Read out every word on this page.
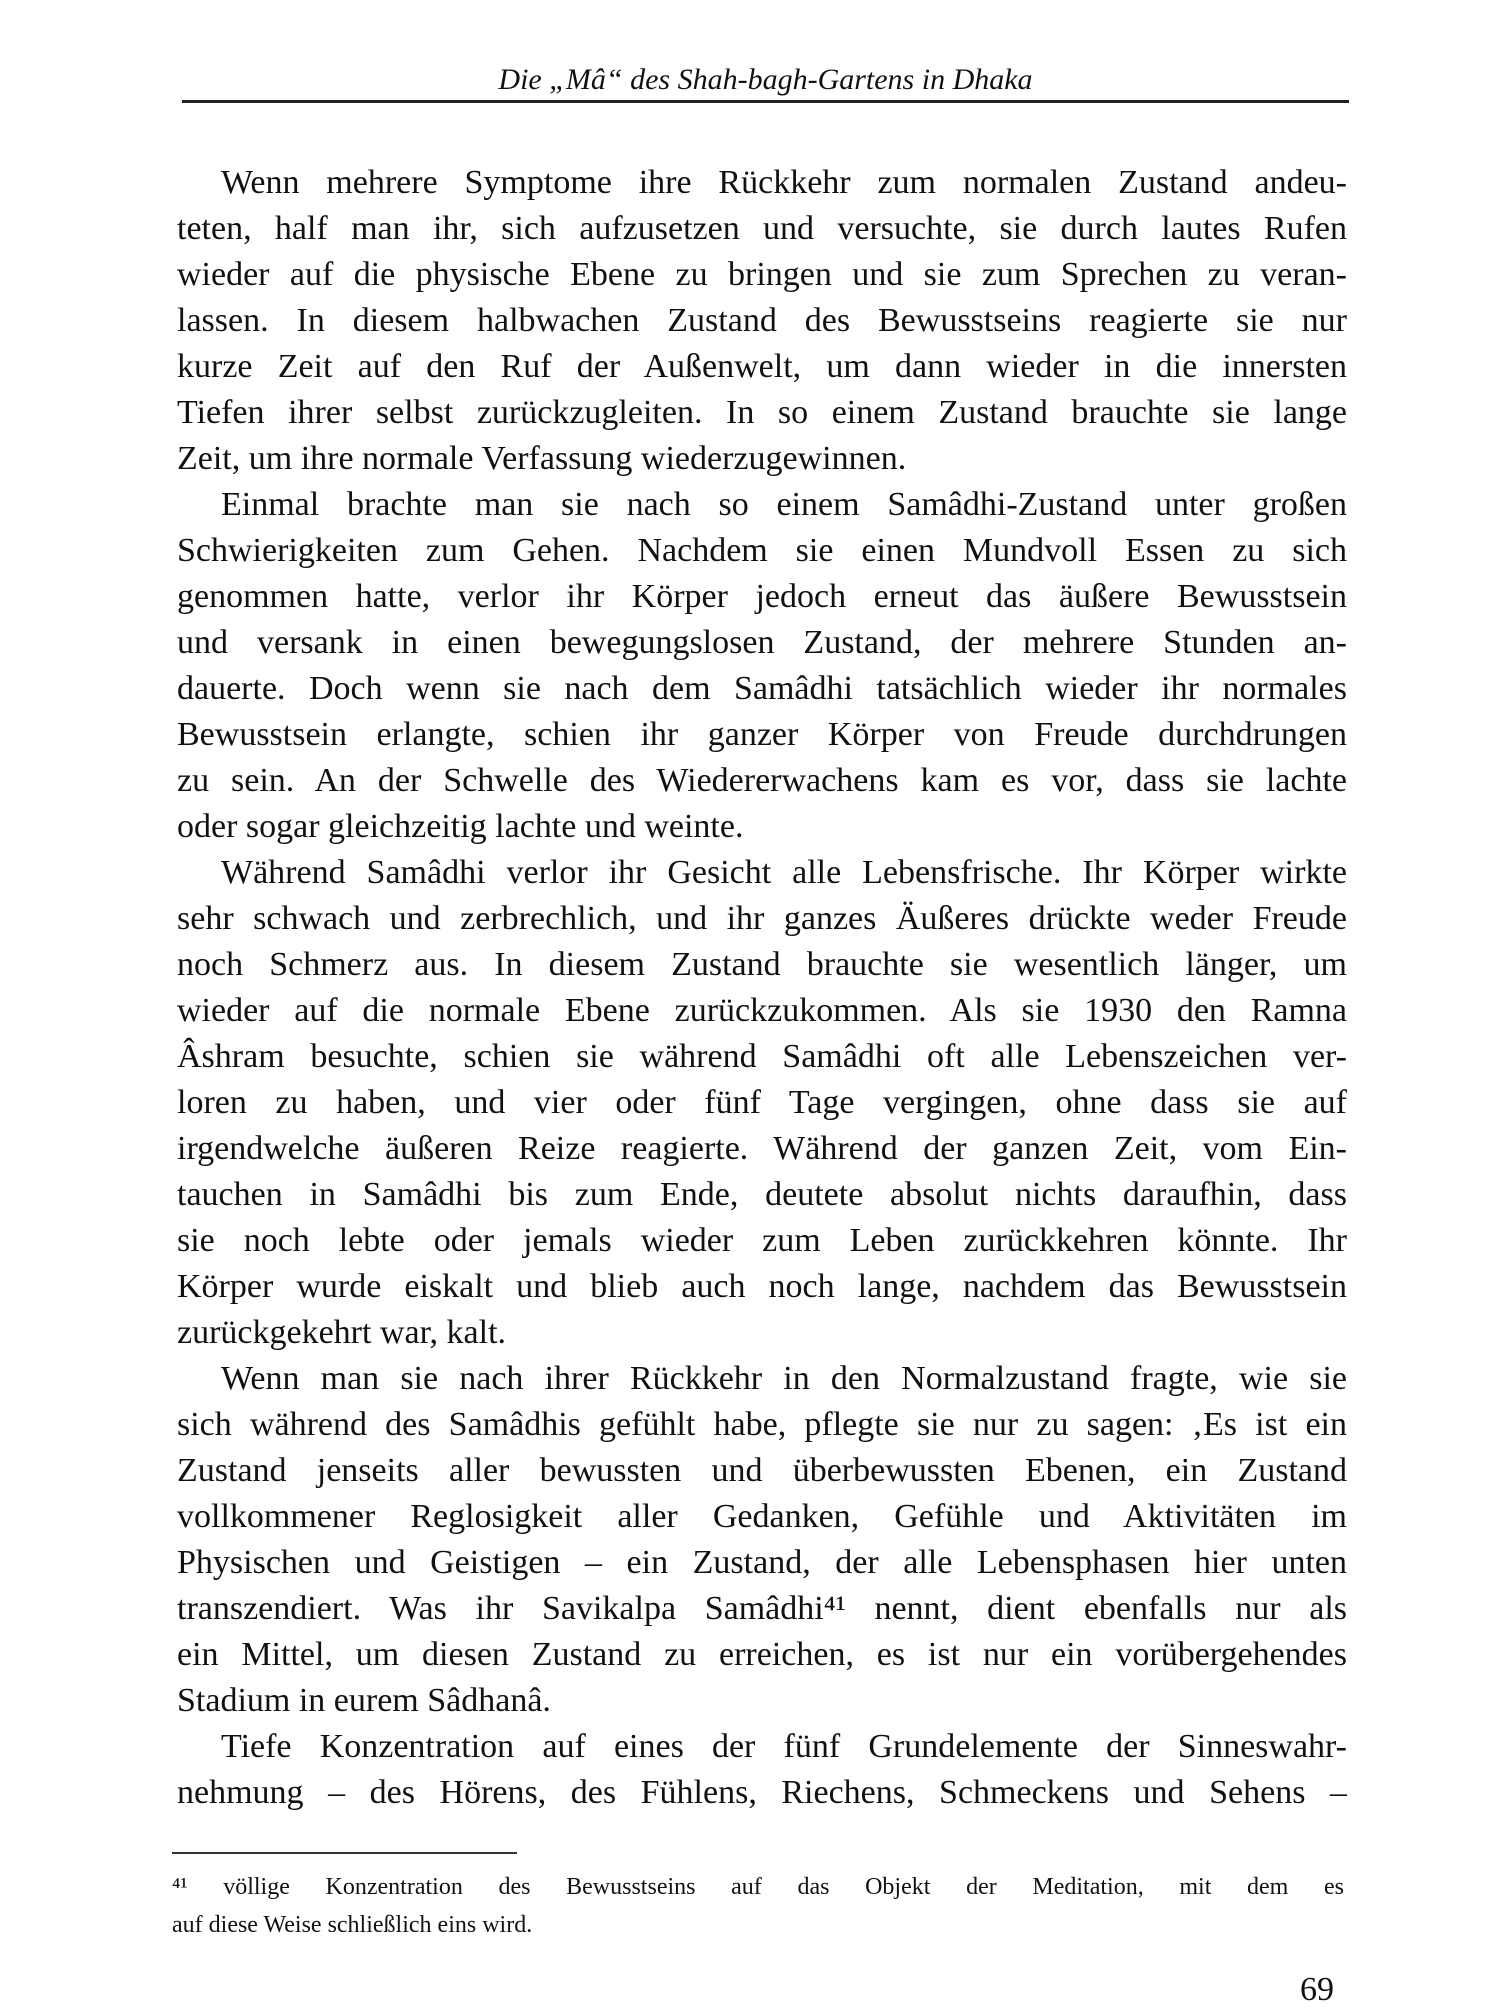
Die „Mâ“ des Shah-bagh-Gartens in Dhaka
Wenn mehrere Symptome ihre Rückkehr zum normalen Zustand andeu-
teten, half man ihr, sich aufzusetzen und versuchte, sie durch lautes Rufen
wieder auf die physische Ebene zu bringen und sie zum Sprechen zu veran-
lassen. In diesem halbwachen Zustand des Bewusstseins reagierte sie nur
kurze Zeit auf den Ruf der Außenwelt, um dann wieder in die innersten
Tiefen ihrer selbst zurückzugleiten. In so einem Zustand brauchte sie lange
Zeit, um ihre normale Verfassung wiederzugewinnen.
Einmal brachte man sie nach so einem Samâdhi-Zustand unter großen
Schwierigkeiten zum Gehen. Nachdem sie einen Mundvoll Essen zu sich
genommen hatte, verlor ihr Körper jedoch erneut das äußere Bewusstsein
und versank in einen bewegungslosen Zustand, der mehrere Stunden an-
dauerte. Doch wenn sie nach dem Samâdhi tatsächlich wieder ihr normales
Bewusstsein erlangte, schien ihr ganzer Körper von Freude durchdrungen
zu sein. An der Schwelle des Wiedererwachens kam es vor, dass sie lachte
oder sogar gleichzeitig lachte und weinte.
Während Samâdhi verlor ihr Gesicht alle Lebensfrische. Ihr Körper wirkte
sehr schwach und zerbrechlich, und ihr ganzes Äußeres drückte weder Freude
noch Schmerz aus. In diesem Zustand brauchte sie wesentlich länger, um
wieder auf die normale Ebene zurückzukommen. Als sie 1930 den Ramna
Âshram besuchte, schien sie während Samâdhi oft alle Lebenszeichen ver-
loren zu haben, und vier oder fünf Tage vergingen, ohne dass sie auf
irgendwelche äußeren Reize reagierte. Während der ganzen Zeit, vom Ein-
tauchen in Samâdhi bis zum Ende, deutete absolut nichts daraufhin, dass
sie noch lebte oder jemals wieder zum Leben zurückkehren könnte. Ihr
Körper wurde eiskalt und blieb auch noch lange, nachdem das Bewusstsein
zurückgekehrt war, kalt.
Wenn man sie nach ihrer Rückkehr in den Normalzustand fragte, wie sie
sich während des Samâdhis gefühlt habe, pflegte sie nur zu sagen: ‚Es ist ein
Zustand jenseits aller bewussten und überbewussten Ebenen, ein Zustand
vollkommener Reglosigkeit aller Gedanken, Gefühle und Aktivitäten im
Physischen und Geistigen – ein Zustand, der alle Lebensphasen hier unten
transzendiert. Was ihr Savikalpa Samâdhi⁴¹ nennt, dient ebenfalls nur als
ein Mittel, um diesen Zustand zu erreichen, es ist nur ein vorübergehendes
Stadium in eurem Sâdhanâ.
Tiefe Konzentration auf eines der fünf Grundelemente der Sinneswahr-
nehmung – des Hörens, des Fühlens, Riechens, Schmeckens und Sehens –
⁴¹ völlige Konzentration des Bewusstseins auf das Objekt der Meditation, mit dem es
auf diese Weise schließlich eins wird.
69
